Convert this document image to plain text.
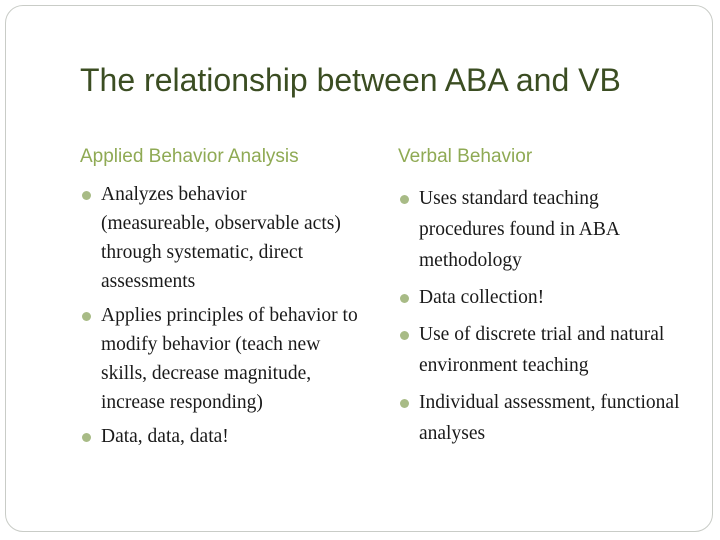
The relationship between ABA and VB
Applied Behavior Analysis	Verbal Behavior
Analyzes behavior (measureable, observable acts) through systematic, direct assessments
Applies principles of behavior to modify behavior (teach new skills, decrease magnitude, increase responding)
Data, data, data!
Uses standard teaching procedures found in ABA methodology
Data collection!
Use of discrete trial and natural environment teaching
Individual assessment, functional analyses
